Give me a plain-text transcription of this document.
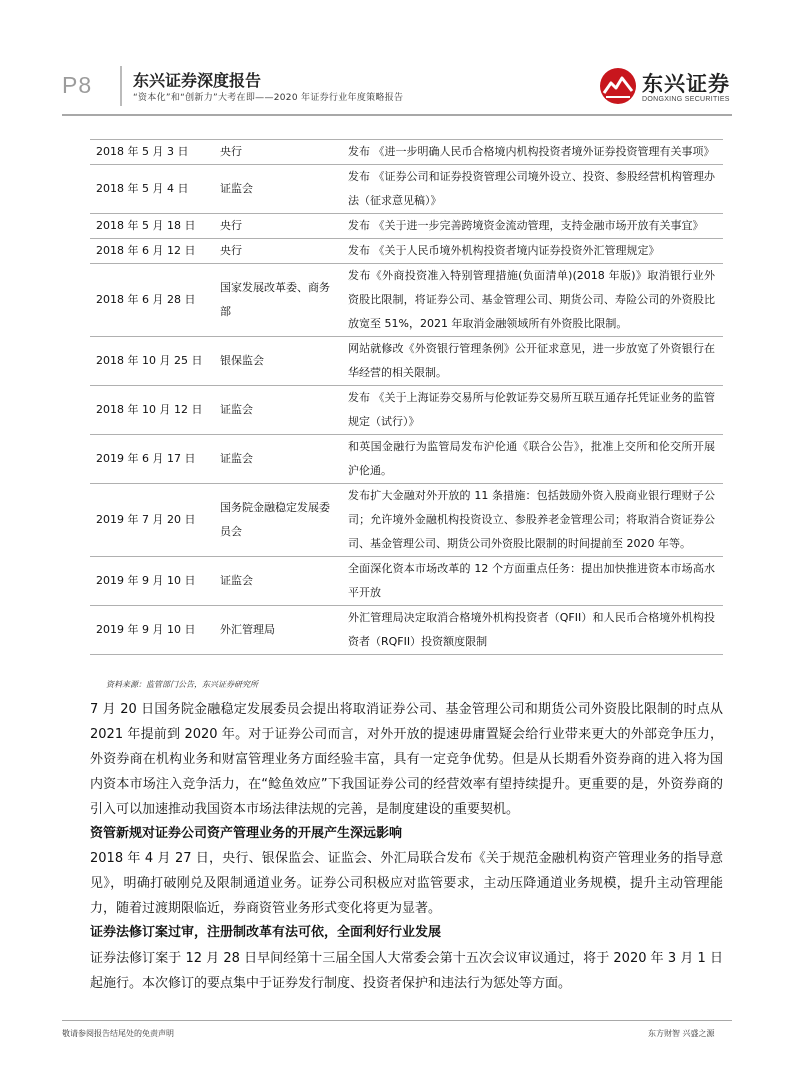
P8	东兴证券深度报告
“资本化”和“创新力”大考在即——2020 年证券行业年度策略报告
东兴证券
DONGXING SECURITIES
2018 年 5 月 3 日	央行	发布 《进一步明确人民币合格境内机构投资者境外证券投资管理有关事项》
2018 年 5 月 4 日	证监会	发布 《证券公司和证券投资管理公司境外设立、投资、参股经营机构管理办法（征求意见稿）》
2018 年 5 月 18 日	央行	发布 《关于进一步完善跨境资金流动管理，支持金融市场开放有关事宜》
2018 年 6 月 12 日	央行	发布 《关于人民币境外机构投资者境内证券投资外汇管理规定》
2018 年 6 月 28 日	国家发展改革委、商务部	发布《外商投资准入特别管理措施(负面清单)(2018 年版)》取消银行业外资股比限制，将证券公司、基金管理公司、期货公司、寿险公司的外资股比放宽至 51%，2021 年取消金融领域所有外资股比限制。
2018 年 10 月 25 日	银保监会	网站就修改《外资银行管理条例》公开征求意见，进一步放宽了外资银行在华经营的相关限制。
2018 年 10 月 12 日	证监会	发布 《关于上海证券交易所与伦敦证券交易所互联互通存托凭证业务的监管规定（试行）》
2019 年 6 月 17 日	证监会	和英国金融行为监管局发布沪伦通《联合公告》，批准上交所和伦交所开展沪伦通。
2019 年 7 月 20 日	国务院金融稳定发展委员会	发布扩大金融对外开放的 11 条措施：包括鼓励外资入股商业银行理财子公司；允许境外金融机构投资设立、参股养老金管理公司；将取消合资证券公司、基金管理公司、期货公司外资股比限制的时间提前至 2020 年等。
2019 年 9 月 10 日	证监会	全面深化资本市场改革的 12 个方面重点任务：提出加快推进资本市场高水平开放
2019 年 9 月 10 日	外汇管理局	外汇管理局决定取消合格境外机构投资者（QFII）和人民币合格境外机构投资者（RQFII）投资额度限制
资料来源：监管部门公告，东兴证券研究所
7 月 20 日国务院金融稳定发展委员会提出将取消证券公司、基金管理公司和期货公司外资股比限制的时点从 2021 年提前到 2020 年。对于证券公司而言，对外开放的提速毋庸置疑会给行业带来更大的外部竞争压力，外资券商在机构业务和财富管理业务方面经验丰富，具有一定竞争优势。但是从长期看外资券商的进入将为国内资本市场注入竞争活力，在“鲶鱼效应”下我国证券公司的经营效率有望持续提升。更重要的是，外资券商的引入可以加速推动我国资本市场法律法规的完善，是制度建设的重要契机。
资管新规对证券公司资产管理业务的开展产生深远影响
2018 年 4 月 27 日，央行、银保监会、证监会、外汇局联合发布《关于规范金融机构资产管理业务的指导意见》，明确打破刚兑及限制通道业务。证券公司积极应对监管要求，主动压降通道业务规模，提升主动管理能力，随着过渡期限临近，券商资管业务形式变化将更为显著。
证券法修订案过审，注册制改革有法可依，全面利好行业发展
证券法修订案于 12 月 28 日早间经第十三届全国人大常委会第十五次会议审议通过，将于 2020 年 3 月 1 日起施行。本次修订的要点集中于证券发行制度、投资者保护和违法行为惩处等方面。
敬请参阅报告结尾处的免责声明	东方财智 兴盛之源
